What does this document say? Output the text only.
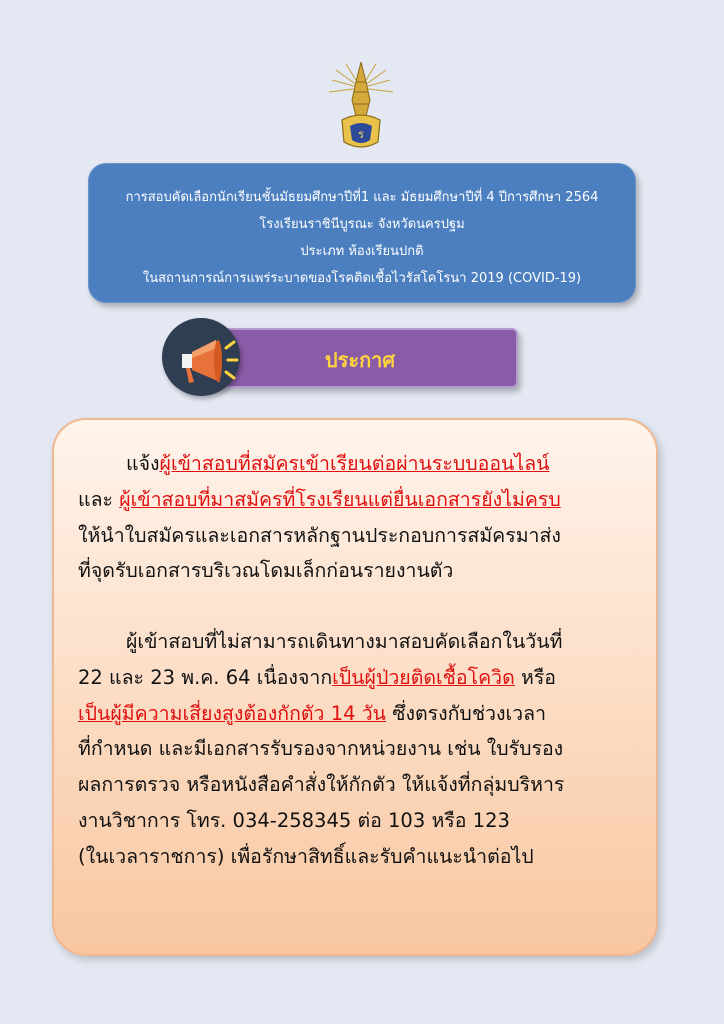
ร
การสอบคัดเลือกนักเรียนชั้นมัธยมศึกษาปีที่1 และ มัธยมศึกษาปีที่ 4 ปีการศึกษา 2564
โรงเรียนราชินีบูรณะ จังหวัดนครปฐม
ประเภท ห้องเรียนปกติ
ในสถานการณ์การแพร่ระบาดของโรคติดเชื้อไวรัสโคโรนา 2019 (COVID-19)
ประกาศ
แจ้งผู้เข้าสอบที่สมัครเข้าเรียนต่อผ่านระบบออนไลน์
และ ผู้เข้าสอบที่มาสมัครที่โรงเรียนแต่ยื่นเอกสารยังไม่ครบ
ให้นำใบสมัครและเอกสารหลักฐานประกอบการสมัครมาส่ง
ที่จุดรับเอกสารบริเวณโดมเล็กก่อนรายงานตัว
ผู้เข้าสอบที่ไม่สามารถเดินทางมาสอบคัดเลือกในวันที่
22 และ 23 พ.ค. 64 เนื่องจากเป็นผู้ป่วยติดเชื้อโควิด หรือ
เป็นผู้มีความเสี่ยงสูงต้องกักตัว 14 วัน ซึ่งตรงกับช่วงเวลา
ที่กำหนด และมีเอกสารรับรองจากหน่วยงาน เช่น ใบรับรอง
ผลการตรวจ หรือหนังสือคำสั่งให้กักตัว ให้แจ้งที่กลุ่มบริหาร
งานวิชาการ โทร. 034-258345 ต่อ 103 หรือ 123
(ในเวลาราชการ) เพื่อรักษาสิทธิ์และรับคำแนะนำต่อไป
